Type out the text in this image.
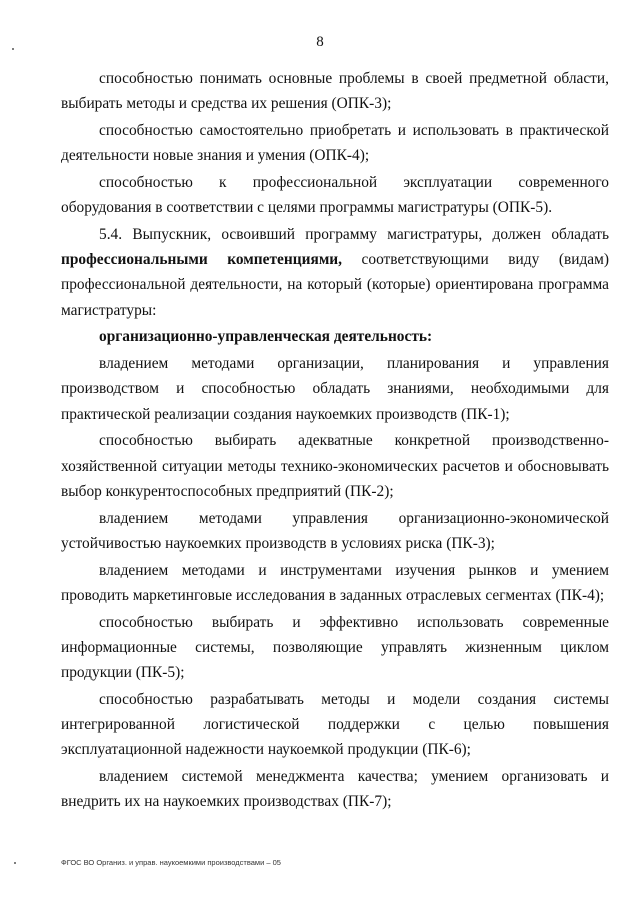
8

способностью понимать основные проблемы в своей предметной области, выбирать методы и средства их решения (ОПК-3);

способностью самостоятельно приобретать и использовать в практической деятельности новые знания и умения (ОПК-4);

способностью к профессиональной эксплуатации современного оборудования в соответствии с целями программы магистратуры (ОПК-5).

5.4. Выпускник, освоивший программу магистратуры, должен обладать профессиональными компетенциями, соответствующими виду (видам) профессиональной деятельности, на который (которые) ориентирована программа магистратуры:

организационно-управленческая деятельность:

владением методами организации, планирования и управления производством и способностью обладать знаниями, необходимыми для практической реализации создания наукоемких производств (ПК-1);

способностью выбирать адекватные конкретной производственно-хозяйственной ситуации методы технико-экономических расчетов и обосновывать выбор конкурентоспособных предприятий (ПК-2);

владением методами управления организационно-экономической устойчивостью наукоемких производств в условиях риска (ПК-3);

владением методами и инструментами изучения рынков и умением проводить маркетинговые исследования в заданных отраслевых сегментах (ПК-4);

способностью выбирать и эффективно использовать современные информационные системы, позволяющие управлять жизненным циклом продукции (ПК-5);

способностью разрабатывать методы и модели создания системы интегрированной логистической поддержки с целью повышения эксплуатационной надежности наукоемкой продукции (ПК-6);

владением системой менеджмента качества; умением организовать и внедрить их на наукоемких производствах (ПК-7);

ФГОС ВО Организ. и управ. наукоемкими производствами – 05
